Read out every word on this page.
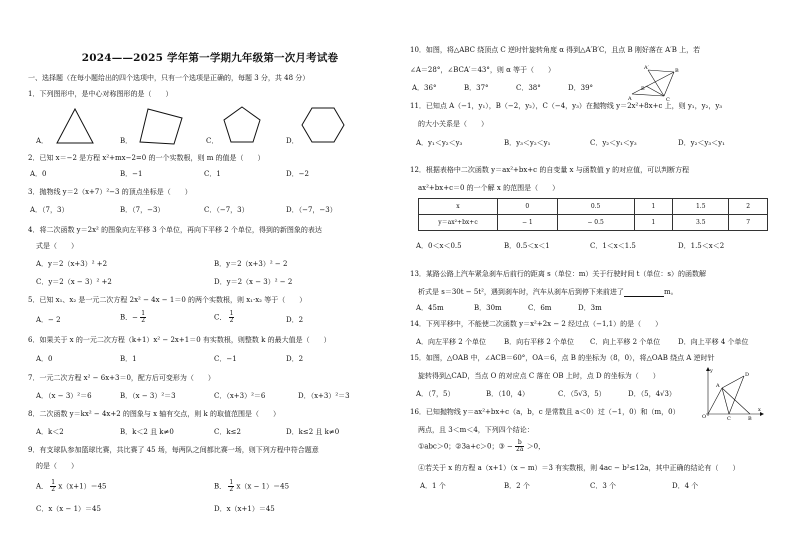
2024——2025 学年第一学期九年级第一次月考试卷
一、选择题（在每小题给出的四个选项中，只有一个选项是正确的，每题 3 分，共 48 分）
1．下列图形中，是中心对称图形的是（　　）
A．	B．	C．	D．
2．已知 x＝−2 是方程 x²+mx−2=0 的一个实数根，则 m 的值是（　　）
A．0	B．−1	C．1	D．−2
3．抛物线 y＝2（x+7）²−3 的顶点坐标是（　　）
A．（7，3）	B．（7，−3）	C．（−7，3）	D．（−7，−3）
4．将二次函数 y＝2x² 的图象向左平移 3 个单位，再向下平移 2 个单位，得到的新图象的表达
式是（　　）
A．y＝2（x+3）² +2	B．y＝2（x+3）² − 2
C．y＝2（x − 3）² +2	D．y＝2（x − 3）² − 2
5．已知 x₁、x₂ 是一元二次方程 2x² − 4x − 1＝0 的两个实数根，则 x₁·x₂ 等于（　　）
A．− 2	B．− $\frac{1}{2}$	C． $\frac{1}{2}$	D．2
6．如果关于 x 的一元二次方程（k+1）x² − 2x+1＝0 有实数根，则整数 k 的最大值是（　　）
A．0	B．1	C．−1	D．2
7．一元二次方程 x² − 6x+3＝0，配方后可变形为（　　）
A．（x − 3）²＝6	B．（x − 3）²＝3	C．（x+3）²＝6	D．（x+3）²＝3
8．二次函数 y＝kx² − 4x+2 的图象与 x 轴有交点，则 k 的取值范围是（　　）
A．k＜2	B．k＜2 且 k≠0	C．k≤2	D．k≤2 且 k≠0
9．有支球队参加篮球比赛，共比赛了 45 场，每两队之间都比赛一场，则下列方程中符合题意
的是（　　）
A． $\frac{1}{2} x(x+1)=45$	B． $\frac{1}{2} x(x - 1)=45$
C．x（x − 1）＝45	D．x（x+1）＝45
10．如图，将△ABC 绕顶点 C 逆时针旋转角度 α 得到△A′B′C，且点 B 刚好落在 A′B 上，若
∠A＝28°，∠BCA′＝43°，则 α 等于（　　）
A．36°	B．37°	C．38°	D．39°
A	C
B
A′
B′
11．已知点 A（−1，y₁），B（−2，y₂），C（−4，y₃）在抛物线 y＝2x²+8x+c 上，则 y₁，y₂，y₃
的大小关系是（　　）
A．y₁＜y₂＜y₃	B．y₃＜y₂＜y₁	C．y₂＜y₁＜y₃	D．y₂＜y₃＜y₁
12．根据表格中二次函数 y＝ax²+bx+c 的自变量 x 与函数值 y 的对应值，可以判断方程
ax²+bx+c＝0 的一个解 x 的范围是（　　）
x	0	0.5	1	1.5	2
y＝ax²+bx+c	− 1	− 0.5	1	3.5	7
A．0＜x＜0.5	B．0.5＜x＜1	C．1＜x＜1.5	D．1.5＜x＜2
13．某路公路上汽车紧急刹车后前行的距离 s（单位：m）关于行驶时间 t（单位：s）的函数解
析式是 s＝30t − 5t²，遇到刹车时，汽车从刹车后到停下来前进了	m。
A．45m	B．30m	C．6m	D．3m
14．下列平移中，不能使二次函数 y＝x²+2x − 2 经过点（−1,1）的是（　　）
A．向左平移 2 个单位	B．向右平移 2 个单位 C．向上平移 2 个单位	D．向上平移 4 个单位
15．如图，△OAB 中，∠ACB＝60°，OA＝6，点 B 的坐标为（8，0），将△OAB 绕点 A 逆时针
旋转得到△CAD，当点 O 的对应点 C 落在 OB 上时，点 D 的坐标为（　　）
A．（7，5）	B．（10，4）	C．（5√3，5）	D．（5，4√3）
y
x
O
A
B
C
D
16．已知抛物线 y＝ax²+bx+c（a，b，c 是常数且 a＜0）过（−1，0）和（m，0）
两点，且 3＜m＜4，下列四个结论：
①abc＞0；②3a+c＞0；③ − $\frac{b}{2a} >0$，
④若关于 x 的方程 a（x+1）（x − m）＝3 有实数根，则 4ac − b²≤12a，其中正确的结论有（　　）
A．1 个	B．2 个	C．3 个	D．4 个
